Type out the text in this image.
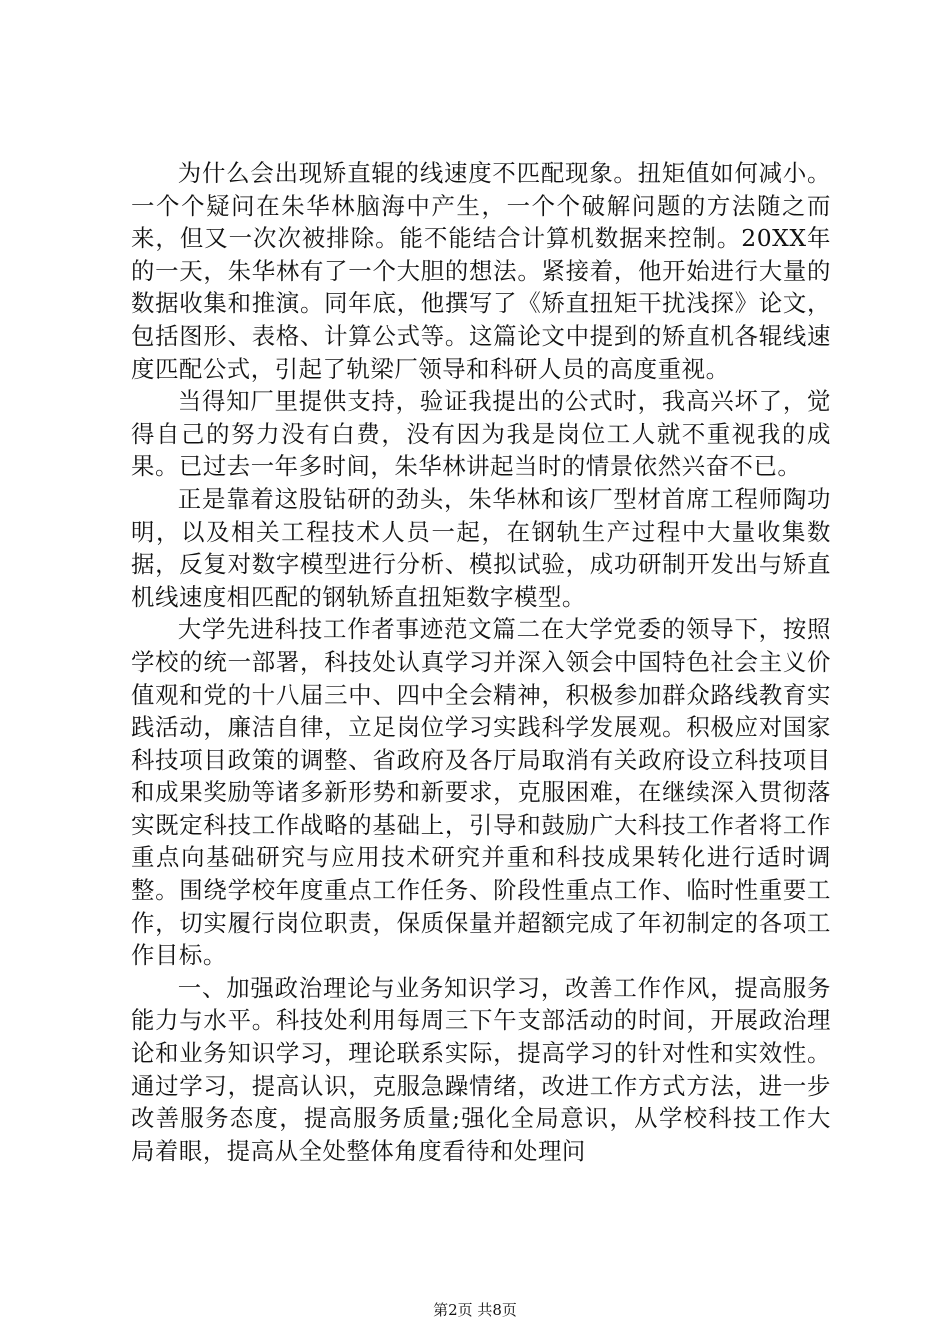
为什么会出现矫直辊的线速度不匹配现象。扭矩值如何减小。一个个疑问在朱华林脑海中产生，一个个破解问题的方法随之而来，但又一次次被排除。能不能结合计算机数据来控制。20XX年的一天，朱华林有了一个大胆的想法。紧接着，他开始进行大量的数据收集和推演。同年底，他撰写了《矫直扭矩干扰浅探》论文，包括图形、表格、计算公式等。这篇论文中提到的矫直机各辊线速度匹配公式，引起了轨梁厂领导和科研人员的高度重视。

当得知厂里提供支持，验证我提出的公式时，我高兴坏了，觉得自己的努力没有白费，没有因为我是岗位工人就不重视我的成果。已过去一年多时间，朱华林讲起当时的情景依然兴奋不已。

正是靠着这股钻研的劲头，朱华林和该厂型材首席工程师陶功明，以及相关工程技术人员一起，在钢轨生产过程中大量收集数据，反复对数字模型进行分析、模拟试验，成功研制开发出与矫直机线速度相匹配的钢轨矫直扭矩数字模型。

大学先进科技工作者事迹范文篇二在大学党委的领导下，按照学校的统一部署，科技处认真学习并深入领会中国特色社会主义价值观和党的十八届三中、四中全会精神，积极参加群众路线教育实践活动，廉洁自律，立足岗位学习实践科学发展观。积极应对国家科技项目政策的调整、省政府及各厅局取消有关政府设立科技项目和成果奖励等诸多新形势和新要求，克服困难，在继续深入贯彻落实既定科技工作战略的基础上，引导和鼓励广大科技工作者将工作重点向基础研究与应用技术研究并重和科技成果转化进行适时调整。围绕学校年度重点工作任务、阶段性重点工作、临时性重要工作，切实履行岗位职责，保质保量并超额完成了年初制定的各项工作目标。

一、加强政治理论与业务知识学习，改善工作作风，提高服务能力与水平。科技处利用每周三下午支部活动的时间，开展政治理论和业务知识学习，理论联系实际，提高学习的针对性和实效性。通过学习，提高认识，克服急躁情绪，改进工作方式方法，进一步改善服务态度，提高服务质量;强化全局意识，从学校科技工作大局着眼，提高从全处整体角度看待和处理问

第2页 共8页
